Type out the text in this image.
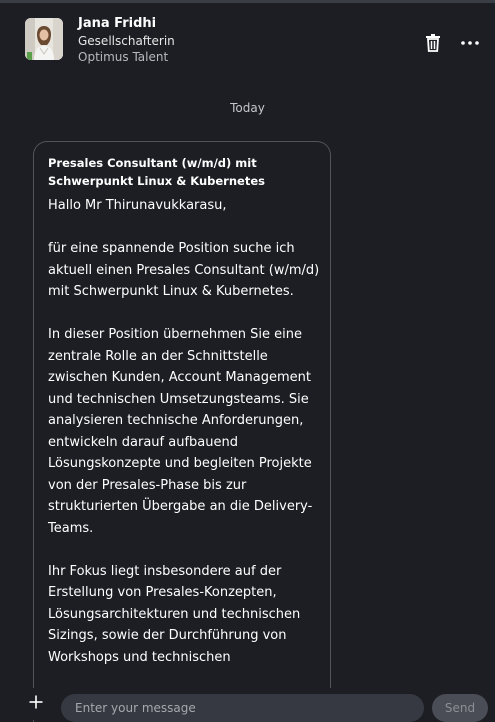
Jana Fridhi
Gesellschafterin
Optimus Talent
Today
Presales Consultant (w/m/d) mit Schwerpunkt Linux & Kubernetes

Hallo Mr Thirunavukkarasu,

für eine spannende Position suche ich aktuell einen Presales Consultant (w/m/d) mit Schwerpunkt Linux & Kubernetes.

In dieser Position übernehmen Sie eine zentrale Rolle an der Schnittstelle zwischen Kunden, Account Management und technischen Umsetzungsteams. Sie analysieren technische Anforderungen, entwickeln darauf aufbauend Lösungskonzepte und begleiten Projekte von der Presales-Phase bis zur strukturierten Übergabe an die Delivery-Teams.

Ihr Fokus liegt insbesondere auf der Erstellung von Presales-Konzepten, Lösungsarchitekturen und technischen Sizings, sowie der Durchführung von Workshops und technischen

Enter your message
Send
